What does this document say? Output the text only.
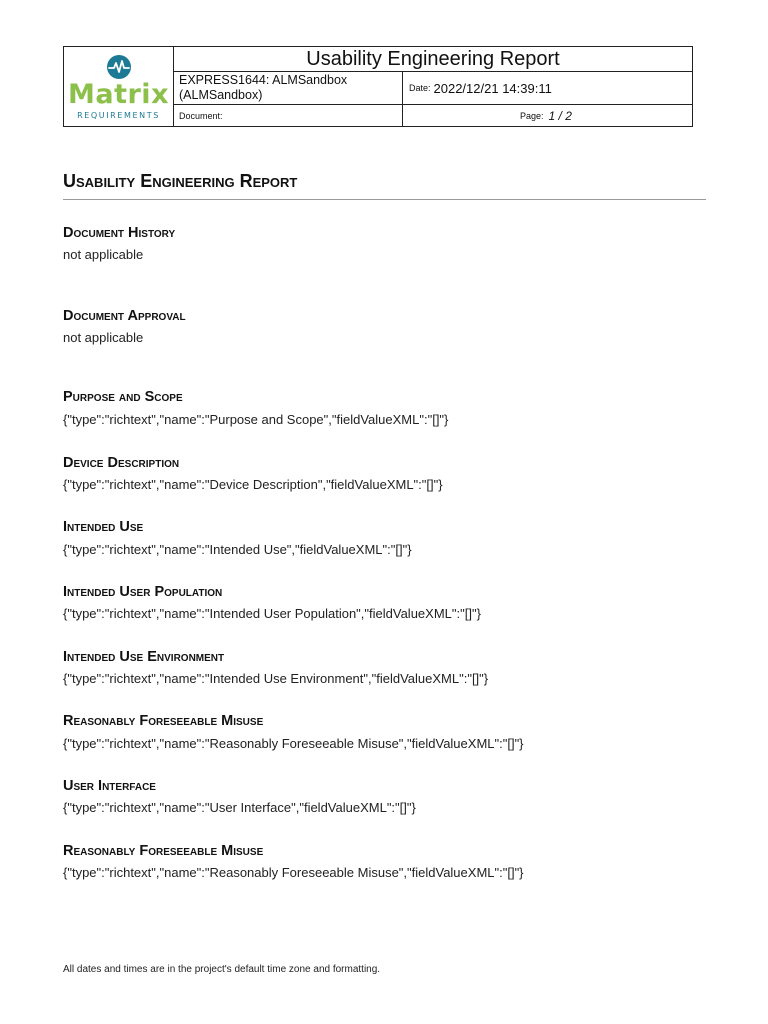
Matrix
REQUIREMENTS
Usability Engineering Report
EXPRESS1644: ALMSandbox
(ALMSandbox)	Date: 2022/12/21 14:39:11
Document:	Page: 1 / 2
Usability Engineering Report
Document History

not applicable

Document Approval

not applicable

Purpose and Scope

{"type":"richtext","name":"Purpose and Scope","fieldValueXML":"[]"}

Device Description

{"type":"richtext","name":"Device Description","fieldValueXML":"[]"}

Intended Use

{"type":"richtext","name":"Intended Use","fieldValueXML":"[]"}

Intended User Population

{"type":"richtext","name":"Intended User Population","fieldValueXML":"[]"}

Intended Use Environment

{"type":"richtext","name":"Intended Use Environment","fieldValueXML":"[]"}

Reasonably Foreseeable Misuse

{"type":"richtext","name":"Reasonably Foreseeable Misuse","fieldValueXML":"[]"}

User Interface

{"type":"richtext","name":"User Interface","fieldValueXML":"[]"}

Reasonably Foreseeable Misuse

{"type":"richtext","name":"Reasonably Foreseeable Misuse","fieldValueXML":"[]"}

All dates and times are in the project's default time zone and formatting.
